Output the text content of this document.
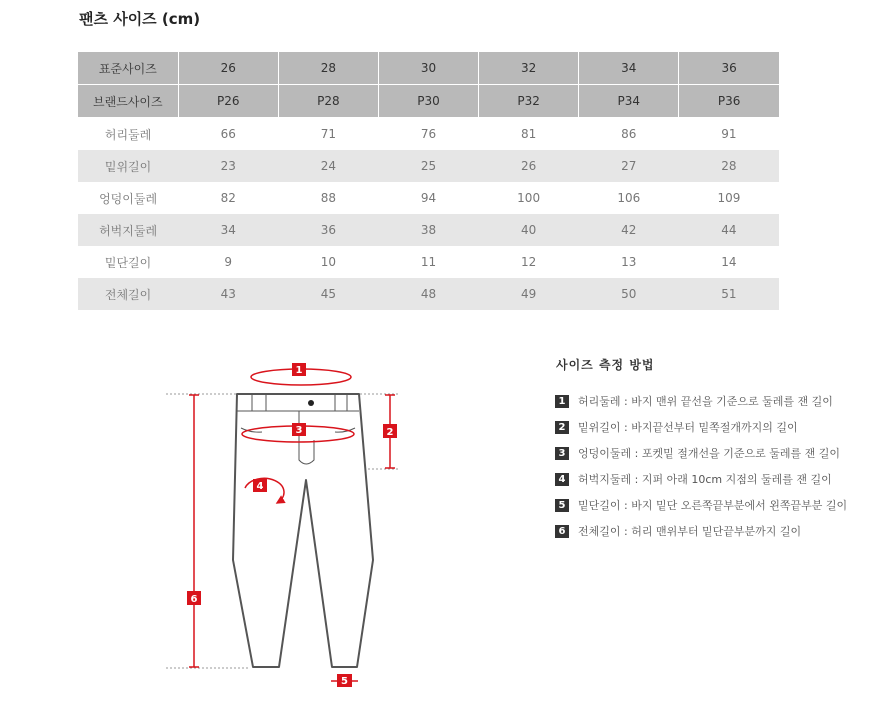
팬츠 사이즈 (cm)
표준사이즈	26	28	30	32	34	36
브랜드사이즈	P26	P28	P30	P32	P34	P36
허리둘레	66	71	76	81	86	91
밑위길이	23	24	25	26	27	28
엉덩이둘레	82	88	94	100	106	109
허벅지둘레	34	36	38	40	42	44
밑단길이	9	10	11	12	13	14
전체길이	43	45	48	49	50	51
1
3	2
4
6
5
사이즈 측정 방법
1	허리둘레 : 바지 맨위 끝선을 기준으로 둘레를 잰 길이
2	밑위길이 : 바지끝선부터 밑쪽절개까지의 길이
3	엉덩이둘레 : 포켓밑 절개선을 기준으로 둘레를 잰 길이
4	허벅지둘레 : 지퍼 아래 10cm 지점의 둘레를 잰 길이
5	밑단길이 : 바지 밑단 오른쪽끝부분에서 왼쪽끝부분 길이
6	전체길이 : 허리 맨위부터 밑단끝부분까지 길이
